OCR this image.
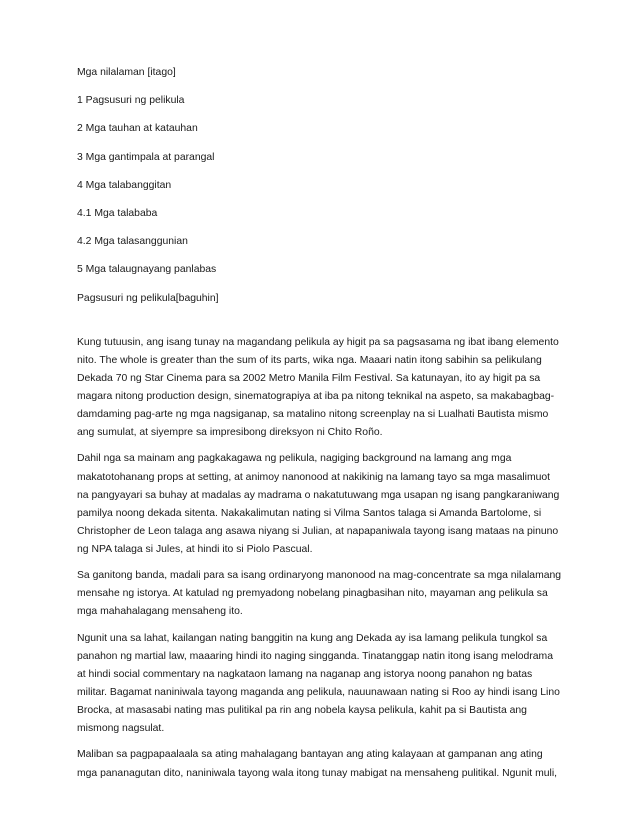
Mga nilalaman [itago]
1 Pagsusuri ng pelikula
2 Mga tauhan at katauhan
3 Mga gantimpala at parangal
4 Mga talabanggitan
4.1 Mga talababa
4.2 Mga talasanggunian
5 Mga talaugnayang panlabas
Pagsusuri ng pelikula[baguhin]

Kung tutuusin, ang isang tunay na magandang pelikula ay higit pa sa pagsasama ng ibat ibang elemento nito. The whole is greater than the sum of its parts, wika nga. Maaari natin itong sabihin sa pelikulang Dekada 70 ng Star Cinema para sa 2002 Metro Manila Film Festival. Sa katunayan, ito ay higit pa sa magara nitong production design, sinematograpiya at iba pa nitong teknikal na aspeto, sa makabagbag-damdaming pag-arte ng mga nagsiganap, sa matalino nitong screenplay na si Lualhati Bautista mismo ang sumulat, at siyempre sa impresibong direksyon ni Chito Roño.

Dahil nga sa mainam ang pagkakagawa ng pelikula, nagiging background na lamang ang mga makatotohanang props at setting, at animoy nanonood at nakikinig na lamang tayo sa mga masalimuot na pangyayari sa buhay at madalas ay madrama o nakatutuwang mga usapan ng isang pangkaraniwang pamilya noong dekada sitenta. Nakakalimutan nating si Vilma Santos talaga si Amanda Bartolome, si Christopher de Leon talaga ang asawa niyang si Julian, at napapaniwala tayong isang mataas na pinuno ng NPA talaga si Jules, at hindi ito si Piolo Pascual.

Sa ganitong banda, madali para sa isang ordinaryong manonood na mag-concentrate sa mga nilalamang mensahe ng istorya. At katulad ng premyadong nobelang pinagbasihan nito, mayaman ang pelikula sa mga mahahalagang mensaheng ito.

Ngunit una sa lahat, kailangan nating banggitin na kung ang Dekada ay isa lamang pelikula tungkol sa panahon ng martial law, maaaring hindi ito naging singganda. Tinatanggap natin itong isang melodrama at hindi social commentary na nagkataon lamang na naganap ang istorya noong panahon ng batas militar. Bagamat naniniwala tayong maganda ang pelikula, nauunawaan nating si Roo ay hindi isang Lino Brocka, at masasabi nating mas pulitikal pa rin ang nobela kaysa pelikula, kahit pa si Bautista ang mismong nagsulat.

Maliban sa pagpapaalaala sa ating mahalagang bantayan ang ating kalayaan at gampanan ang ating mga pananagutan dito, naniniwala tayong wala itong tunay mabigat na mensaheng pulitikal. Ngunit muli,
